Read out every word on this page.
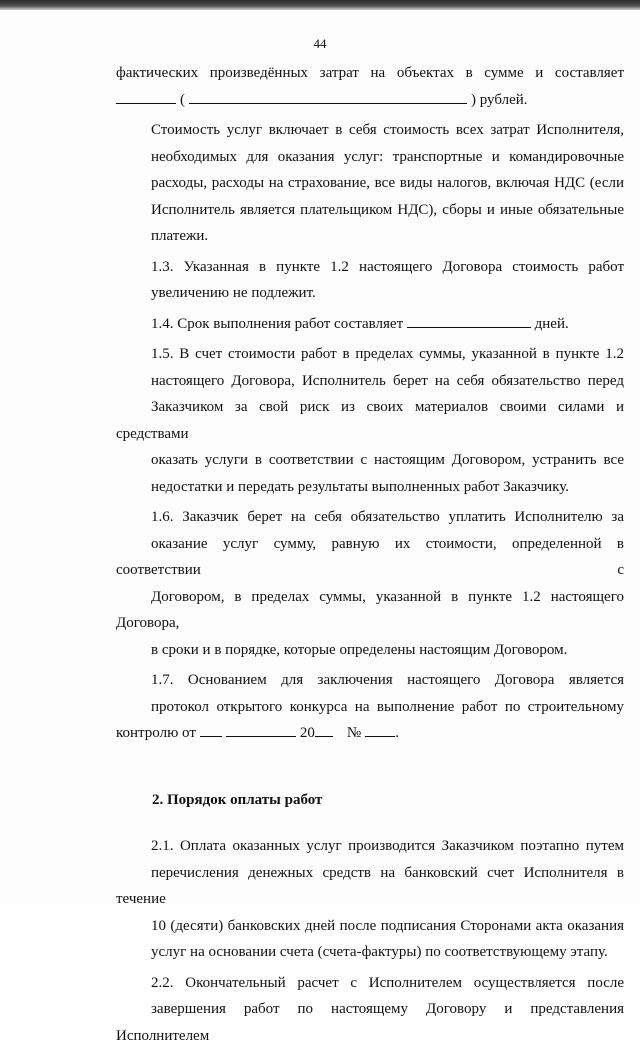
44

фактических произведённых затрат на объектах в сумме и составляет
(	) рублей.

Стоимость услуг включает в себя стоимость всех затрат Исполнителя,
необходимых для оказания услуг: транспортные и командировочные
расходы, расходы на страхование, все виды налогов, включая НДС (если
Исполнитель является плательщиком НДС), сборы и иные обязательные
платежи.

1.3. Указанная в пункте 1.2 настоящего Договора стоимость работ
увеличению не подлежит.

1.4. Срок выполнения работ составляет	дней.

1.5. В счет стоимости работ в пределах суммы, указанной в пункте 1.2
настоящего Договора, Исполнитель берет на себя обязательство перед
Заказчиком за свой риск из своих материалов своими силами и средствами
оказать услуги в соответствии с настоящим Договором, устранить все
недостатки и передать результаты выполненных работ Заказчику.

1.6. Заказчик берет на себя обязательство уплатить Исполнителю за
оказание услуг сумму, равную их стоимости, определенной в соответствии с
Договором, в пределах суммы, указанной в пункте 1.2 настоящего Договора,
в сроки и в порядке, которые определены настоящим Договором.

1.7. Основанием для заключения настоящего Договора является
протокол открытого конкурса на выполнение работ по строительному
контролю от	20 № .

2. Порядок оплаты работ

2.1. Оплата оказанных услуг производится Заказчиком поэтапно путем
перечисления денежных средств на банковский счет Исполнителя в течение
10 (десяти) банковских дней после подписания Сторонами акта оказания
услуг на основании счета (счета-фактуры) по соответствующему этапу.

2.2. Окончательный расчет с Исполнителем осуществляется после
завершения работ по настоящему Договору и представления Исполнителем
